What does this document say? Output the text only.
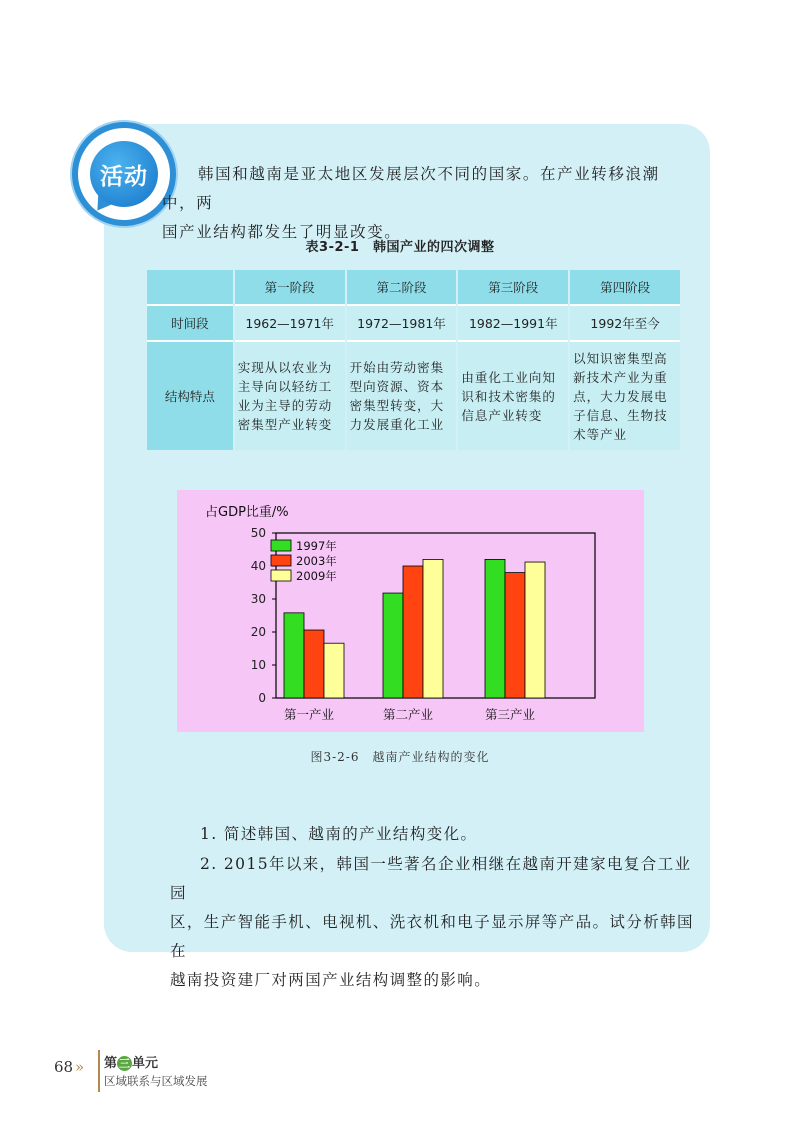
活动	韩国和越南是亚太地区发展层次不同的国家。在产业转移浪潮中，两
国产业结构都发生了明显改变。
表3-2-1　韩国产业的四次调整
	第一阶段	第二阶段	第三阶段	第四阶段
时间段	1962—1971年	1972—1981年	1982—1991年	1992年至今
结构特点	实现从以农业为主导向以轻纺工业为主导的劳动密集型产业转变	开始由劳动密集型向资源、资本密集型转变，大力发展重化工业	由重化工业向知识和技术密集的信息产业转变	以知识密集型高新技术产业为重点，大力发展电子信息、生物技术等产业
占GDP比重/%
0
10
20
30
40
50
第一产业	第二产业	第三产业
1997年
2003年
2009年
图3-2-6　越南产业结构的变化
1. 简述韩国、越南的产业结构变化。
2. 2015年以来，韩国一些著名企业相继在越南开建家电复合工业园
区，生产智能手机、电视机、洗衣机和电子显示屏等产品。试分析韩国在
越南投资建厂对两国产业结构调整的影响。
68 » 第 三 单元
区域联系与区域发展
